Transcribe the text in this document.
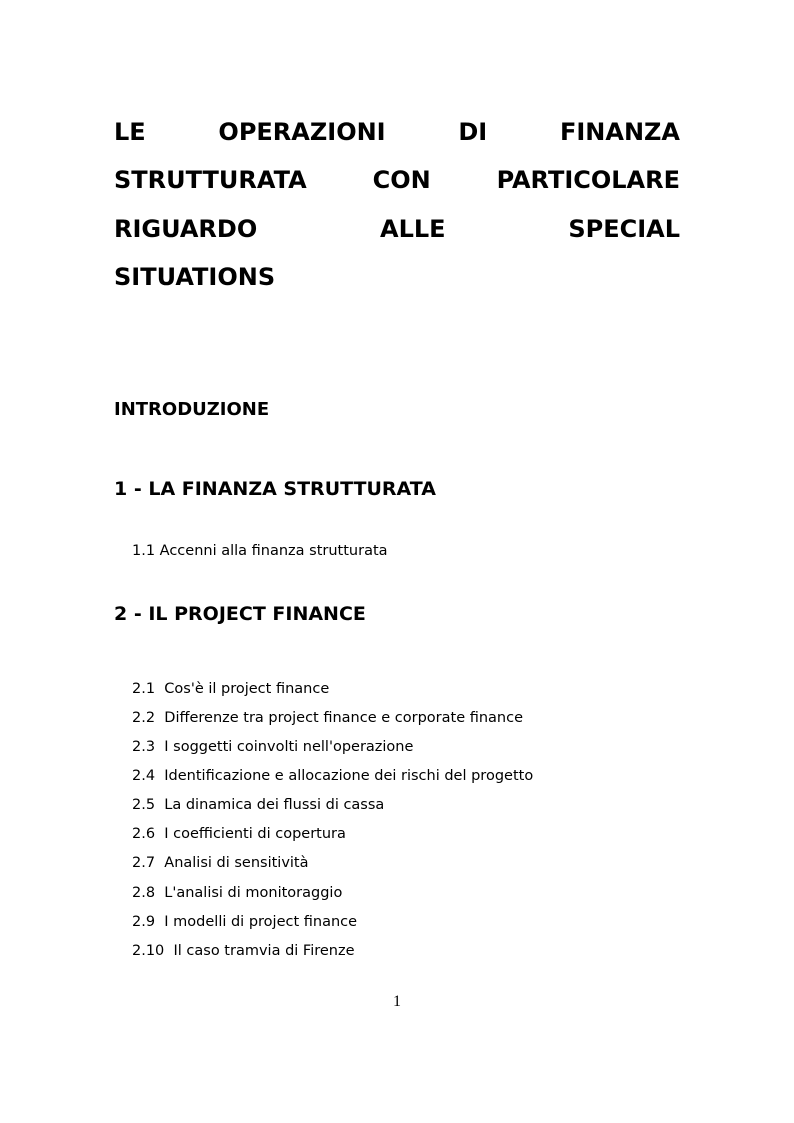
LE	OPERAZIONI	DI	FINANZA
STRUTTURATA	CON	PARTICOLARE
RIGUARDO	ALLE	SPECIAL
SITUATIONS
INTRODUZIONE
1 - LA FINANZA STRUTTURATA
1.1 Accenni alla finanza strutturata
2 - IL PROJECT FINANCE
2.1  Cos'è il project finance
2.2  Differenze tra project finance e corporate finance
2.3  I soggetti coinvolti nell'operazione
2.4  Identificazione e allocazione dei rischi del progetto
2.5  La dinamica dei flussi di cassa
2.6  I coefficienti di copertura
2.7  Analisi di sensitività
2.8  L'analisi di monitoraggio
2.9  I modelli di project finance
2.10  Il caso tramvia di Firenze
1
